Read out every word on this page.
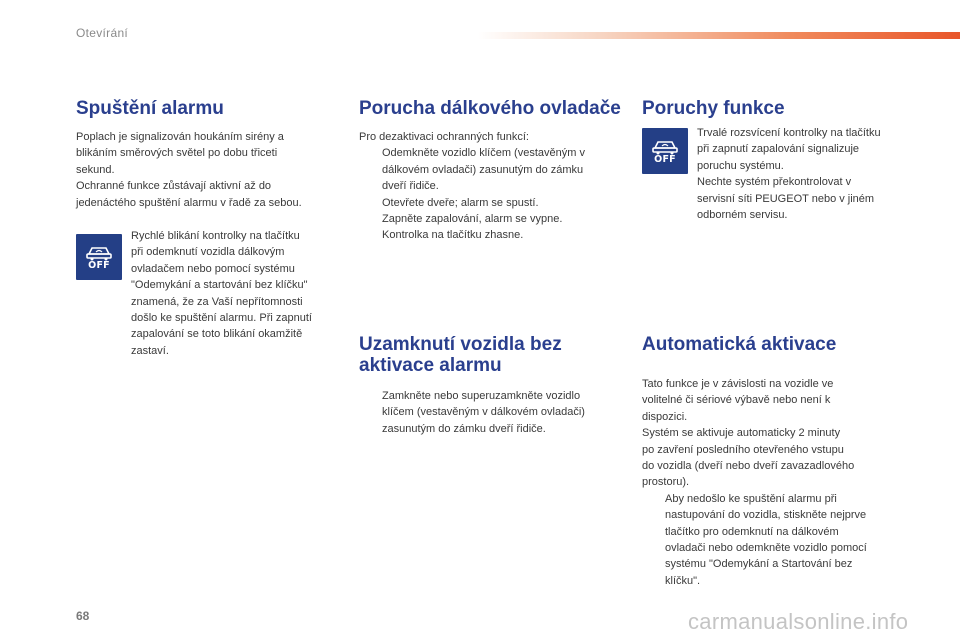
Otevírání
Spuštění alarmu

Poplach je signalizován houkáním sirény a
blikáním směrových světel po dobu třiceti
sekund.
Ochranné funkce zůstávají aktivní až do
jedenáctého spuštění alarmu v řadě za sebou.

OFF

Rychlé blikání kontrolky na tlačítku
při odemknutí vozidla dálkovým
ovladačem nebo pomocí systému
"Odemykání a startování bez klíčku"
znamená, že za Vaší nepřítomnosti
došlo ke spuštění alarmu. Při zapnutí
zapalování se toto blikání okamžitě
zastaví.

Porucha dálkového ovladače

Pro dezaktivaci ochranných funkcí:

Odemkněte vozidlo klíčem (vestavěným v
dálkovém ovladači) zasunutým do zámku
dveří řidiče.
Otevřete dveře; alarm se spustí.
Zapněte zapalování, alarm se vypne.
Kontrolka na tlačítku zhasne.
Uzamknutí vozidla bez
aktivace alarmu
Zamkněte nebo superuzamkněte vozidlo
klíčem (vestavěným v dálkovém ovladači)
zasunutým do zámku dveří řidiče.
Poruchy funkce
OFF

Trvalé rozsvícení kontrolky na tlačítku
při zapnutí zapalování signalizuje
poruchu systému.
Nechte systém překontrolovat v
servisní síti PEUGEOT nebo v jiném
odborném servisu.

Automatická aktivace

Tato funkce je v závislosti na vozidle ve
volitelné či sériové výbavě nebo není k
dispozici.
Systém se aktivuje automaticky 2 minuty
po zavření posledního otevřeného vstupu
do vozidla (dveří nebo dveří zavazadlového
prostoru).

Aby nedošlo ke spuštění alarmu při
nastupování do vozidla, stiskněte nejprve
tlačítko pro odemknutí na dálkovém
ovladači nebo odemkněte vozidlo pomocí
systému "Odemykání a Startování bez
klíčku".
68	carmanualsonline.info
